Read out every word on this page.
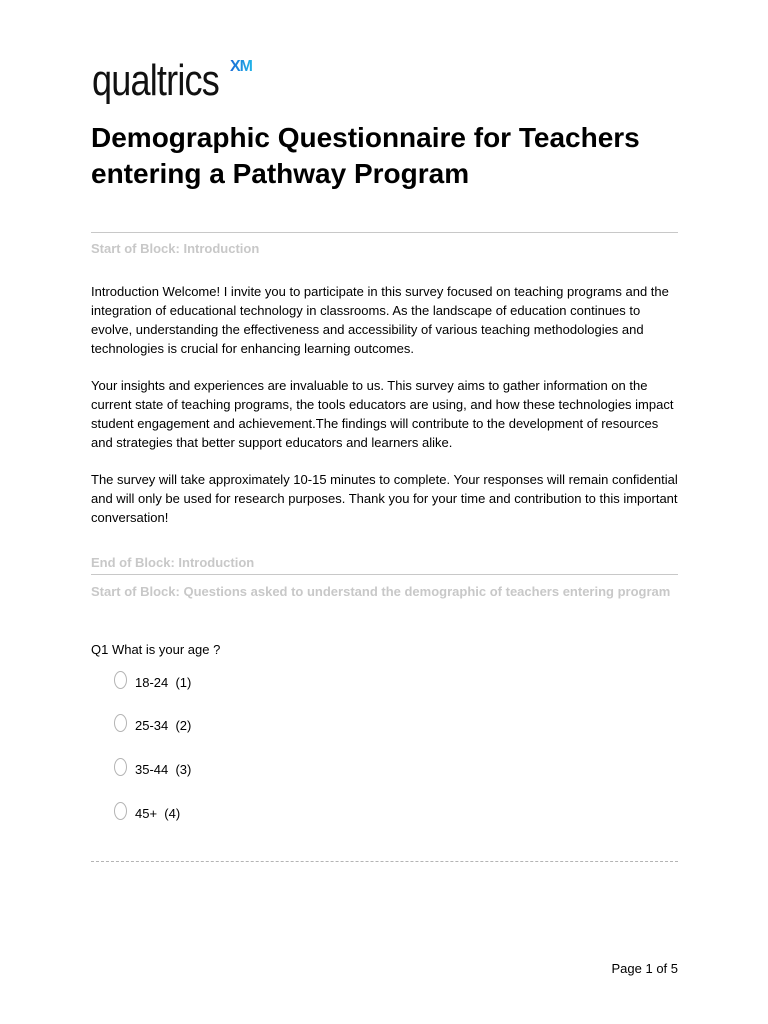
qualtrics XM
Demographic Questionnaire for Teachers entering a Pathway Program
Start of Block: Introduction

Introduction Welcome! I invite you to participate in this survey focused on teaching programs and the integration of educational technology in classrooms. As the landscape of education continues to evolve, understanding the effectiveness and accessibility of various teaching methodologies and technologies is crucial for enhancing learning outcomes.

Your insights and experiences are invaluable to us. This survey aims to gather information on the current state of teaching programs, the tools educators are using, and how these technologies impact student engagement and achievement.The findings will contribute to the development of resources and strategies that better support educators and learners alike.

The survey will take approximately 10-15 minutes to complete. Your responses will remain confidential and will only be used for research purposes. Thank you for your time and contribution to this important conversation!

End of Block: Introduction
Start of Block: Questions asked to understand the demographic of teachers entering program
Q1 What is your age ?
18-24  (1)
25-34  (2)
35-44  (3)
45+  (4)
Page 1 of 5
